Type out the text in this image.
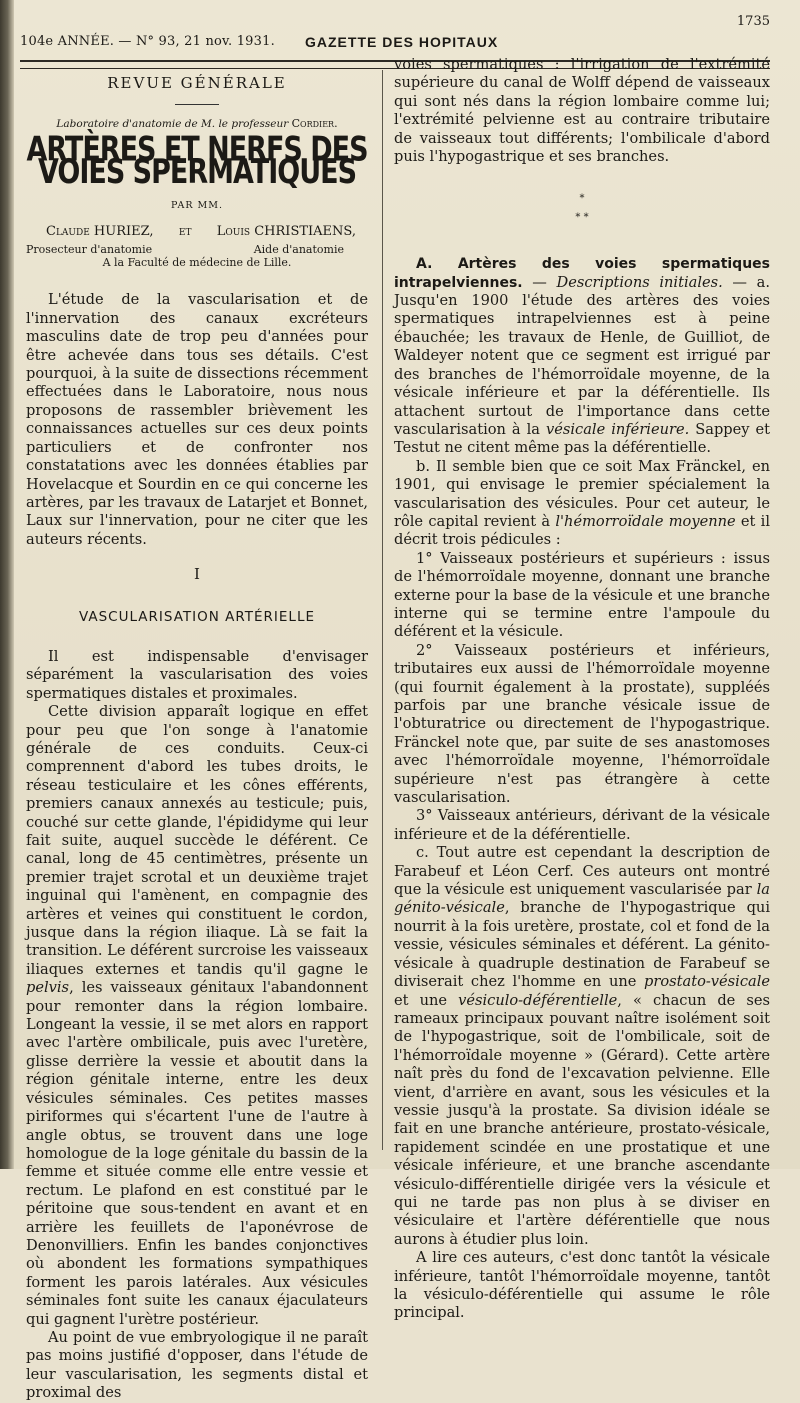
104e ANNÉE. — N° 93, 21 nov. 1931. GAZETTE DES HOPITAUX
1735
REVUE GÉNÉRALE
Laboratoire d'anatomie de M. le professeur Cordier.
ARTÈRES ET NERFS DES VOIES SPERMATIQUES
PAR MM.
Claude HURIEZ, et Louis CHRISTIAENS,
Prosecteur d'anatomie	Aide d'anatomie
A la Faculté de médecine de Lille.

L'étude de la vascularisation et de l'innervation des canaux excréteurs masculins date de trop peu d'années pour être achevée dans tous ses détails. C'est pourquoi, à la suite de dissections récemment effectuées dans le Laboratoire, nous nous proposons de rassembler brièvement les connaissances actuelles sur ces deux points particuliers et de confronter nos constatations avec les données établies par Hovelacque et Sourdin en ce qui concerne les artères, par les travaux de Latarjet et Bonnet, Laux sur l'innervation, pour ne citer que les auteurs récents.

I
VASCULARISATION ARTÉRIELLE

Il est indispensable d'envisager séparément la vascularisation des voies spermatiques distales et proximales.

Cette division apparaît logique en effet pour peu que l'on songe à l'anatomie générale de ces conduits. Ceux-ci comprennent d'abord les tubes droits, le réseau testiculaire et les cônes efférents, premiers canaux annexés au testicule; puis, couché sur cette glande, l'épididyme qui leur fait suite, auquel succède le déférent. Ce canal, long de 45 centimètres, présente un premier trajet scrotal et un deuxième trajet inguinal qui l'amènent, en compagnie des artères et veines qui constituent le cordon, jusque dans la région iliaque. Là se fait la transition. Le déférent surcroise les vaisseaux iliaques externes et tandis qu'il gagne le pelvis, les vaisseaux génitaux l'abandonnent pour remonter dans la région lombaire. Longeant la vessie, il se met alors en rapport avec l'artère ombilicale, puis avec l'uretère, glisse derrière la vessie et aboutit dans la région génitale interne, entre les deux vésicules séminales. Ces petites masses piriformes qui s'écartent l'une de l'autre à angle obtus, se trouvent dans une loge homologue de la loge génitale du bassin de la femme et située comme elle entre vessie et rectum. Le plafond en est constitué par le péritoine que sous-tendent en avant et en arrière les feuillets de l'aponévrose de Denonvilliers. Enfin les bandes conjonctives où abondent les formations sympathiques forment les parois latérales. Aux vésicules séminales font suite les canaux éjaculateurs qui gagnent l'urètre postérieur.

Au point de vue embryologique il ne paraît pas moins justifié d'opposer, dans l'étude de leur vascularisation, les segments distal et proximal des

voies spermatiques : l'irrigation de l'extrémité supérieure du canal de Wolff dépend de vaisseaux qui sont nés dans la région lombaire comme lui; l'extrémité pelvienne est au contraire tributaire de vaisseaux tout différents; l'ombilicale d'abord puis l'hypogastrique et ses branches.

*
* *

A. Artères des voies spermatiques intrapelviennes. — Descriptions initiales. — a. Jusqu'en 1900 l'étude des artères des voies spermatiques intrapelviennes est à peine ébauchée; les travaux de Henle, de Guilliot, de Waldeyer notent que ce segment est irrigué par des branches de l'hémorroïdale moyenne, de la vésicale inférieure et par la déférentielle. Ils attachent surtout de l'importance dans cette vascularisation à la vésicale inférieure. Sappey et Testut ne citent même pas la déférentielle.

b. Il semble bien que ce soit Max Fränckel, en 1901, qui envisage le premier spécialement la vascularisation des vésicules. Pour cet auteur, le rôle capital revient à l'hémorroïdale moyenne et il décrit trois pédicules :

1° Vaisseaux postérieurs et supérieurs : issus de l'hémorroïdale moyenne, donnant une branche externe pour la base de la vésicule et une branche interne qui se termine entre l'ampoule du déférent et la vésicule.

2° Vaisseaux postérieurs et inférieurs, tributaires eux aussi de l'hémorroïdale moyenne (qui fournit également à la prostate), suppléés parfois par une branche vésicale issue de l'obturatrice ou directement de l'hypogastrique. Fränckel note que, par suite de ses anastomoses avec l'hémorroïdale moyenne, l'hémorroïdale supérieure n'est pas étrangère à cette vascularisation.

3° Vaisseaux antérieurs, dérivant de la vésicale inférieure et de la déférentielle.

c. Tout autre est cependant la description de Farabeuf et Léon Cerf. Ces auteurs ont montré que la vésicule est uniquement vascularisée par la génito-vésicale, branche de l'hypogastrique qui nourrit à la fois uretère, prostate, col et fond de la vessie, vésicules séminales et déférent. La génito-vésicale à quadruple destination de Farabeuf se diviserait chez l'homme en une prostato-vésicale et une vésiculo-déférentielle, « chacun de ses rameaux principaux pouvant naître isolément soit de l'hypogastrique, soit de l'ombilicale, soit de l'hémorroïdale moyenne » (Gérard). Cette artère naît près du fond de l'excavation pelvienne. Elle vient, d'arrière en avant, sous les vésicules et la vessie jusqu'à la prostate. Sa division idéale se fait en une branche antérieure, prostato-vésicale, rapidement scindée en une prostatique et une vésicale inférieure, et une branche ascendante vésiculo-différentielle dirigée vers la vésicule et qui ne tarde pas non plus à se diviser en vésiculaire et l'artère déférentielle que nous aurons à étudier plus loin.

A lire ces auteurs, c'est donc tantôt la vésicale inférieure, tantôt l'hémorroïdale moyenne, tantôt la vésiculo-déférentielle qui assume le rôle principal.
